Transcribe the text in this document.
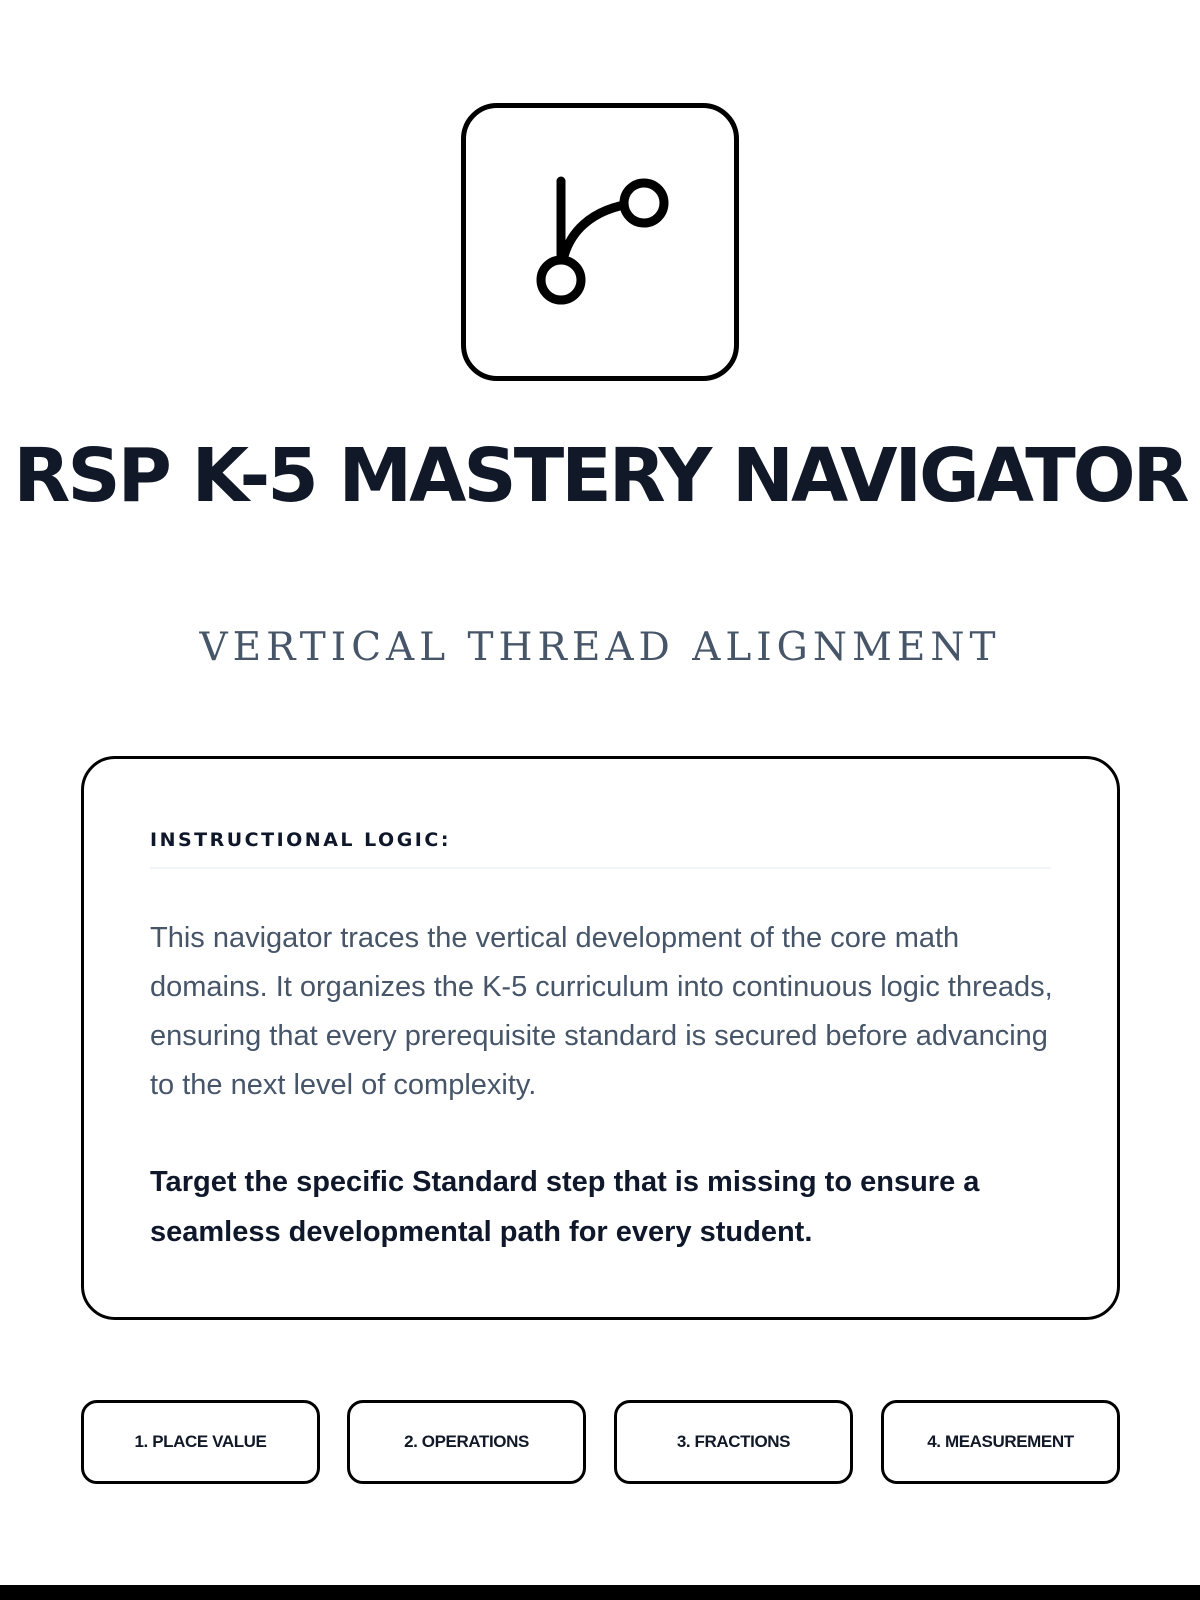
RSP K-5 MASTERY NAVIGATOR
VERTICAL THREAD ALIGNMENT
INSTRUCTIONAL LOGIC:

This navigator traces the vertical development of the core math domains. It organizes the K-5 curriculum into continuous logic threads, ensuring that every prerequisite standard is secured before advancing to the next level of complexity.

Target the specific Standard step that is missing to ensure a seamless developmental path for every student.

1. PLACE VALUE	2. OPERATIONS	3. FRACTIONS	4. MEASUREMENT
